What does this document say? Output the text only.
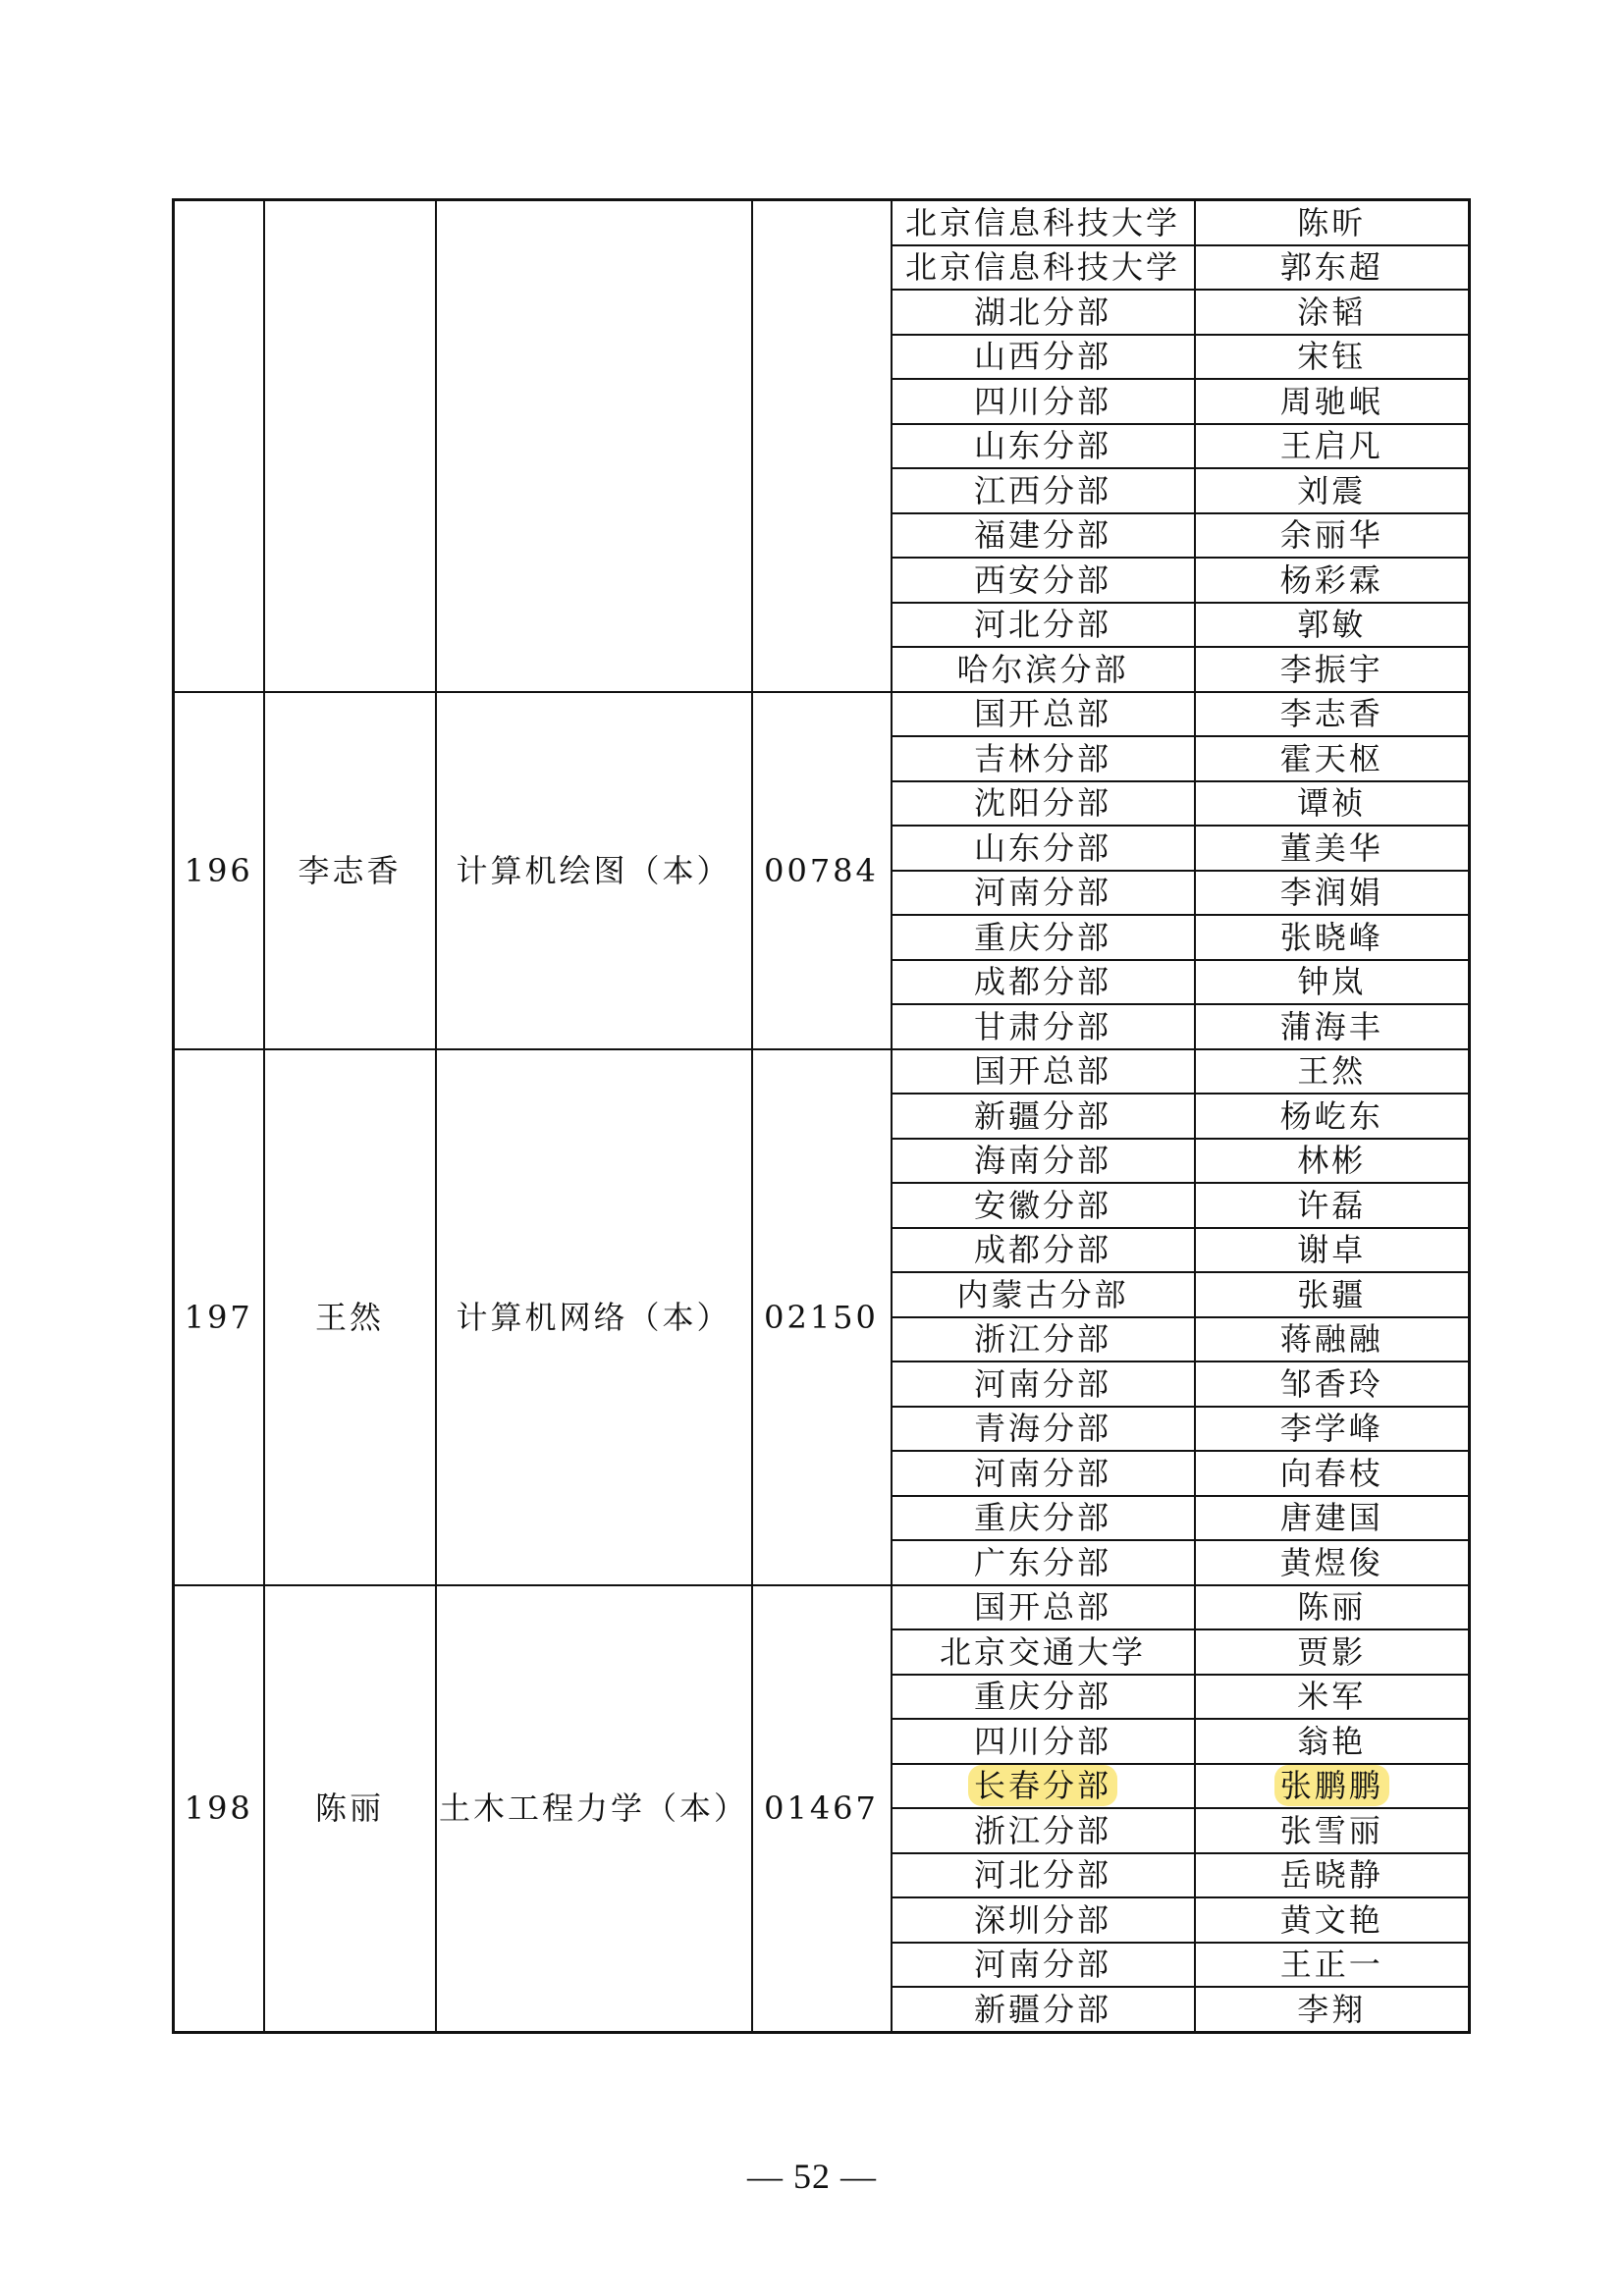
				北京信息科技大学	陈昕
				北京信息科技大学	郭东超
				湖北分部	涂韬
				山西分部	宋钰
				四川分部	周驰岷
				山东分部	王启凡
				江西分部	刘震
				福建分部	余丽华
				西安分部	杨彩霖
				河北分部	郭敏
				哈尔滨分部	李振宇
196	李志香	计算机绘图（本）	00784	国开总部	李志香
				吉林分部	霍天枢
				沈阳分部	谭祯
				山东分部	董美华
				河南分部	李润娟
				重庆分部	张晓峰
				成都分部	钟岚
				甘肃分部	蒲海丰
197	王然	计算机网络（本）	02150	国开总部	王然
				新疆分部	杨屹东
				海南分部	林彬
				安徽分部	许磊
				成都分部	谢卓
				内蒙古分部	张疆
				浙江分部	蒋融融
				河南分部	邹香玲
				青海分部	李学峰
				河南分部	向春枝
				重庆分部	唐建国
				广东分部	黄煜俊
198	陈丽	土木工程力学（本）	01467	国开总部	陈丽
				北京交通大学	贾影
				重庆分部	米军
				四川分部	翁艳
				长春分部	张鹏鹏
				浙江分部	张雪丽
				河北分部	岳晓静
				深圳分部	黄文艳
				河南分部	王正一
				新疆分部	李翔
— 52 —
